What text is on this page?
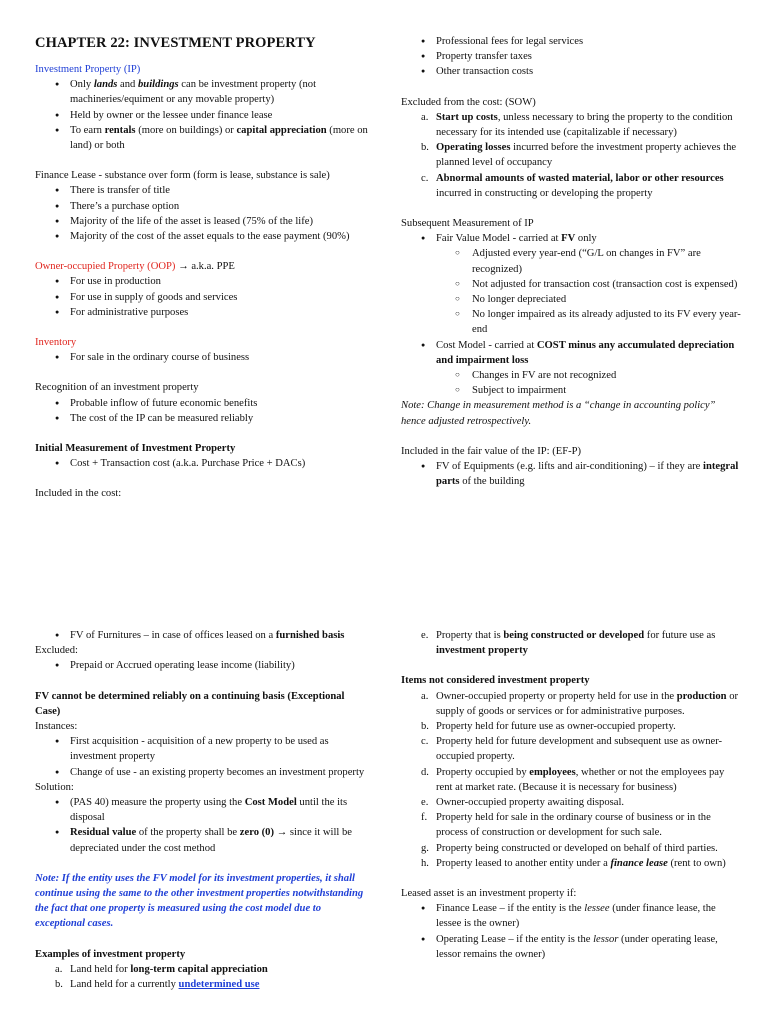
CHAPTER 22: INVESTMENT PROPERTY

Investment Property (IP)

●
Only lands and buildings can be investment property (not machineries/equiment or any movable property)
●
Held by owner or the lessee under finance lease
●
To earn rentals (more on buildings) or capital appreciation (more on land) or both

Finance Lease - substance over form (form is lease, substance is sale)

●
There is transfer of title
●
There’s a purchase option
●
Majority of the life of the asset is leased (75% of the life)
●
Majority of the cost of the asset equals to the ease payment (90%)

Owner-occupied Property (OOP) → a.k.a. PPE

●
For use in production
●
For use in supply of goods and services
●
For administrative purposes

Inventory

●
For sale in the ordinary course of business

Recognition of an investment property

●
Probable inflow of future economic benefits
●
The cost of the IP can be measured reliably

Initial Measurement of Investment Property

●
Cost + Transaction cost (a.k.a. Purchase Price + DACs)

Included in the cost:

●
Professional fees for legal services
●
Property transfer taxes
●
Other transaction costs

Excluded from the cost: (SOW)

a. Start up costs, unless necessary to bring the property to the condition necessary for its intended use (capitalizable if necessary)
b. Operating losses incurred before the investment property achieves the planned level of occupancy
c. Abnormal amounts of wasted material, labor or other resources incurred in constructing or developing the property

Subsequent Measurement of IP

●
Fair Value Model - carried at FV only
○
Adjusted every year-end (“G/L on changes in FV” are recognized)
○
Not adjusted for transaction cost (transaction cost is expensed)
○
No longer depreciated
○
No longer impaired as its already adjusted to its FV every year-end
●
Cost Model - carried at COST minus any accumulated depreciation and impairment loss
○
Changes in FV are not recognized
○
Subject to impairment

Note: Change in measurement method is a “change in accounting policy” hence adjusted retrospectively.

Included in the fair value of the IP: (EF-P)

●
FV of Equipments (e.g. lifts and air-conditioning) – if they are integral parts of the building
●
FV of Furnitures – in case of offices leased on a furnished basis

Excluded:

●
Prepaid or Accrued operating lease income (liability)

FV cannot be determined reliably on a continuing basis (Exceptional Case)

Instances:

●
First acquisition - acquisition of a new property to be used as investment property
●
Change of use - an existing property becomes an investment property

Solution:

●
(PAS 40) measure the property using the Cost Model until the its disposal
●
Residual value of the property shall be zero (0) → since it will be depreciated under the cost method

Note: If the entity uses the FV model for its investment properties, it shall continue using the same to the other investment properties notwithstanding the fact that one property is measured using the cost model due to exceptional cases.

Examples of investment property

a. Land held for long-term capital appreciation
b. Land held for a currently undetermined use
e. Property that is being constructed or developed for future use as investment property

Items not considered investment property

a. Owner-occupied property or property held for use in the production or supply of goods or services or for administrative purposes.
b. Property held for future use as owner-occupied property.
c. Property held for future development and subsequent use as owner-occupied property.
d. Property occupied by employees, whether or not the employees pay rent at market rate. (Because it is necessary for business)
e. Owner-occupied property awaiting disposal.
f. Property held for sale in the ordinary course of business or in the process of construction or development for such sale.
g. Property being constructed or developed on behalf of third parties.
h. Property leased to another entity under a finance lease (rent to own)

Leased asset is an investment property if:

●
Finance Lease – if the entity is the lessee (under finance lease, the lessee is the owner)
●
Operating Lease – if the entity is the lessor (under operating lease, lessor remains the owner)
